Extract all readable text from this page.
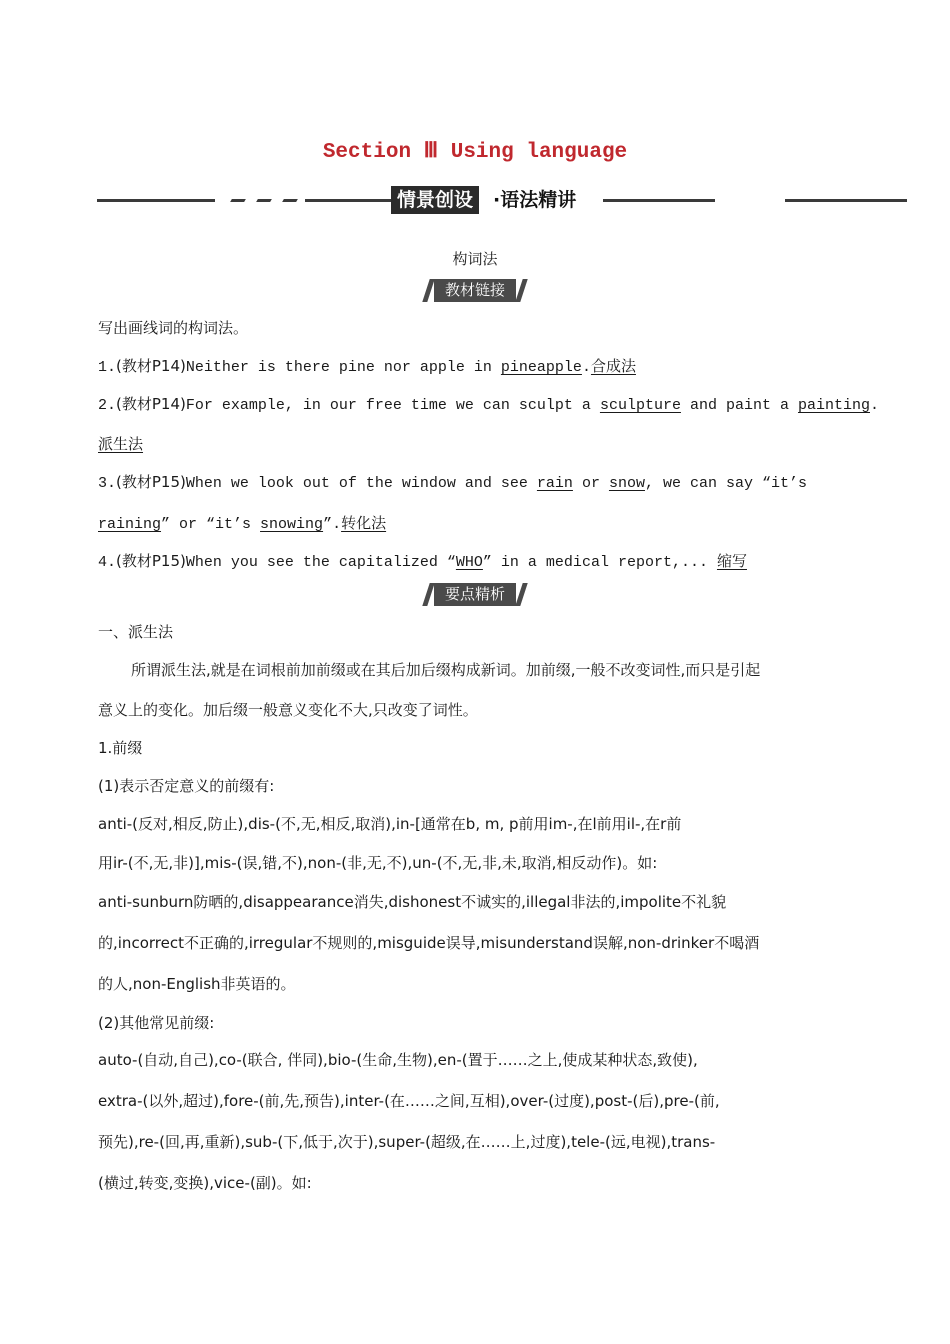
Section Ⅲ Using language
情景创设	·语法精讲
构词法
教材链接
写出画线词的构词法。
1.(教材P14)Neither is there pine nor apple in pineapple.合成法
2.(教材P14)For example, in our free time we can sculpt a sculpture and paint a painting.
派生法
3.(教材P15)When we look out of the window and see rain or snow, we can say “it’s
raining” or “it’s snowing”.转化法
4.(教材P15)When you see the capitalized “WHO” in a medical report,... 缩写
要点精析
一、派生法
所谓派生法,就是在词根前加前缀或在其后加后缀构成新词。加前缀,一般不改变词性,而只是引起
意义上的变化。加后缀一般意义变化不大,只改变了词性。
1.前缀
(1)表示否定意义的前缀有:
anti-(反对,相反,防止),dis-(不,无,相反,取消),in-[通常在b, m, p前用im-,在l前用il-,在r前
用ir-(不,无,非)],mis-(误,错,不),non-(非,无,不),un-(不,无,非,未,取消,相反动作)。如:
anti-sunburn防晒的,disappearance消失,dishonest不诚实的,illegal非法的,impolite不礼貌
的,incorrect不正确的,irregular不规则的,misguide误导,misunderstand误解,non-drinker不喝酒
的人,non-English非英语的。
(2)其他常见前缀:
auto-(自动,自己),co-(联合, 伴同),bio-(生命,生物),en-(置于……之上,使成某种状态,致使),
extra-(以外,超过),fore-(前,先,预告),inter-(在……之间,互相),over-(过度),post-(后),pre-(前,
预先),re-(回,再,重新),sub-(下,低于,次于),super-(超级,在……上,过度),tele-(远,电视),trans-
(横过,转变,变换),vice-(副)。如:
